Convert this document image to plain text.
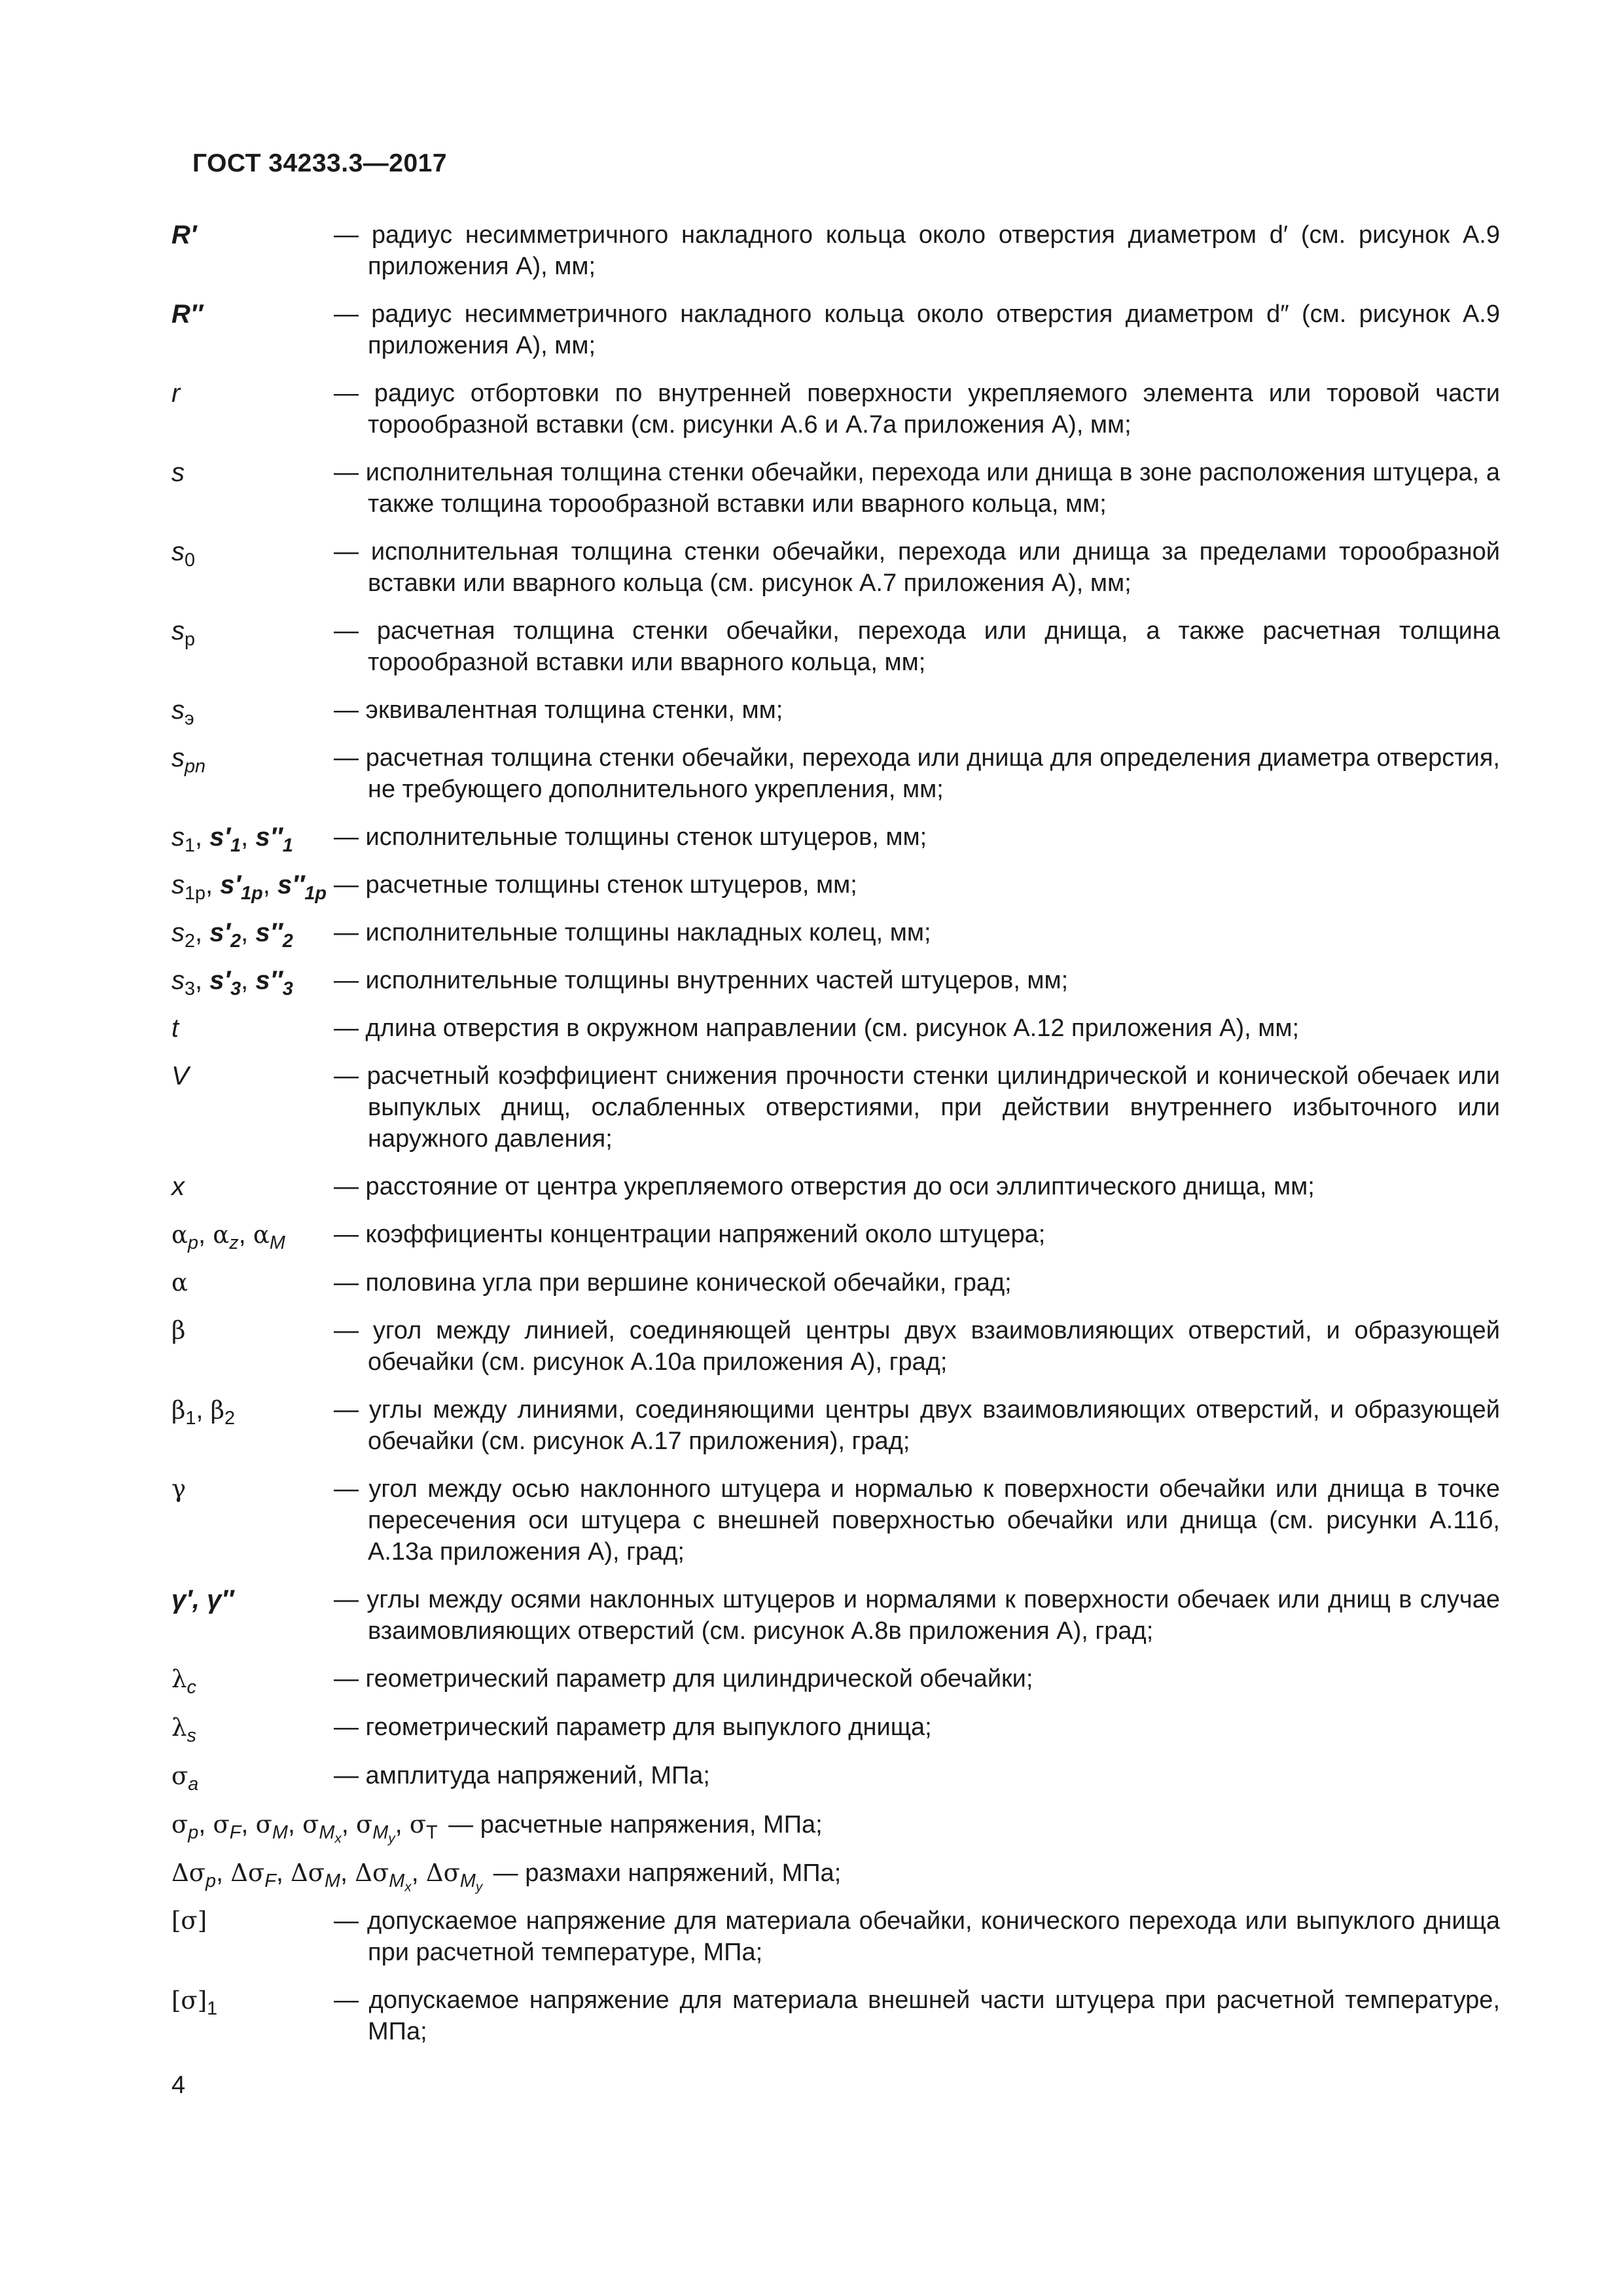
ГОСТ 34233.3—2017
R′	— радиус несимметричного накладного кольца около отверстия диаметром d′ (см. рисунок А.9 приложения А), мм;
R″	— радиус несимметричного накладного кольца около отверстия диаметром d″ (см. рисунок А.9 приложения А), мм;
r	— радиус отбортовки по внутренней поверхности укрепляемого элемента или торовой части торообразной вставки (см. рисунки А.6 и А.7а приложения А), мм;
s	— исполнительная толщина стенки обечайки, перехода или днища в зоне расположения штуцера, а также толщина торообразной вставки или вварного кольца, мм;
$s_0$	— исполнительная толщина стенки обечайки, перехода или днища за пределами торообразной вставки или вварного кольца (см. рисунок А.7 приложения А), мм;
$s_р$	— расчетная толщина стенки обечайки, перехода или днища, а также расчетная толщина торообразной вставки или вварного кольца, мм;
$s_э$	— эквивалентная толщина стенки, мм;
$s_{pn}$	— расчетная толщина стенки обечайки, перехода или днища для определения диаметра отверстия, не требующего дополнительного укрепления, мм;
$s_1$, $s'_1$, $s''_1$	— исполнительные толщины стенок штуцеров, мм;
$s_{1р}$, $s'_{1р}$, $s''_{1р}$ — расчетные толщины стенок штуцеров, мм;
$s_2$, $s'_2$, $s''_2$	— исполнительные толщины накладных колец, мм;
$s_3$, $s'_3$, $s''_3$	— исполнительные толщины внутренних частей штуцеров, мм;
t	— длина отверстия в окружном направлении (см. рисунок А.12 приложения А), мм;
V	— расчетный коэффициент снижения прочности стенки цилиндрической и конической обечаек или выпуклых днищ, ослабленных отверстиями, при действии внутреннего избыточного или наружного давления;
x	— расстояние от центра укрепляемого отверстия до оси эллиптического днища, мм;
$\alpha_p$, $\alpha_z$, $\alpha_M$	— коэффициенты концентрации напряжений около штуцера;
α	— половина угла при вершине конической обечайки, град;
β	— угол между линией, соединяющей центры двух взаимовлияющих отверстий, и образующей обечайки (см. рисунок А.10а приложения А), град;
$\beta_1$, $\beta_2$	— углы между линиями, соединяющими центры двух взаимовлияющих отверстий, и образующей обечайки (см. рисунок А.17 приложения), град;
γ	— угол между осью наклонного штуцера и нормалью к поверхности обечайки или днища в точке пересечения оси штуцера с внешней поверхностью обечайки или днища (см. рисунки А.11б, А.13а приложения А), град;
γ′, γ″	— углы между осями наклонных штуцеров и нормалями к поверхности обечаек или днищ в случае взаимовлияющих отверстий (см. рисунок А.8в приложения А), град;
$\lambda_c$	— геометрический параметр для цилиндрической обечайки;
$\lambda_s$	— геометрический параметр для выпуклого днища;
$\sigma_a$	— амплитуда напряжений, МПа;
$\sigma_p$, $\sigma_F$, $\sigma_M$, $\sigma_{M_x}$, $\sigma_{M_y}$, $\sigma_Т$ — расчетные напряжения, МПа;
$\Delta\sigma_p$, $\Delta\sigma_F$, $\Delta\sigma_M$, $\Delta\sigma_{M_x}$, $\Delta\sigma_{M_y}$ — размахи напряжений, МПа;
[σ]	— допускаемое напряжение для материала обечайки, конического перехода или выпуклого днища при расчетной температуре, МПа;
$[\sigma]_1$	— допускаемое напряжение для материала внешней части штуцера при расчетной температуре, МПа;
4
